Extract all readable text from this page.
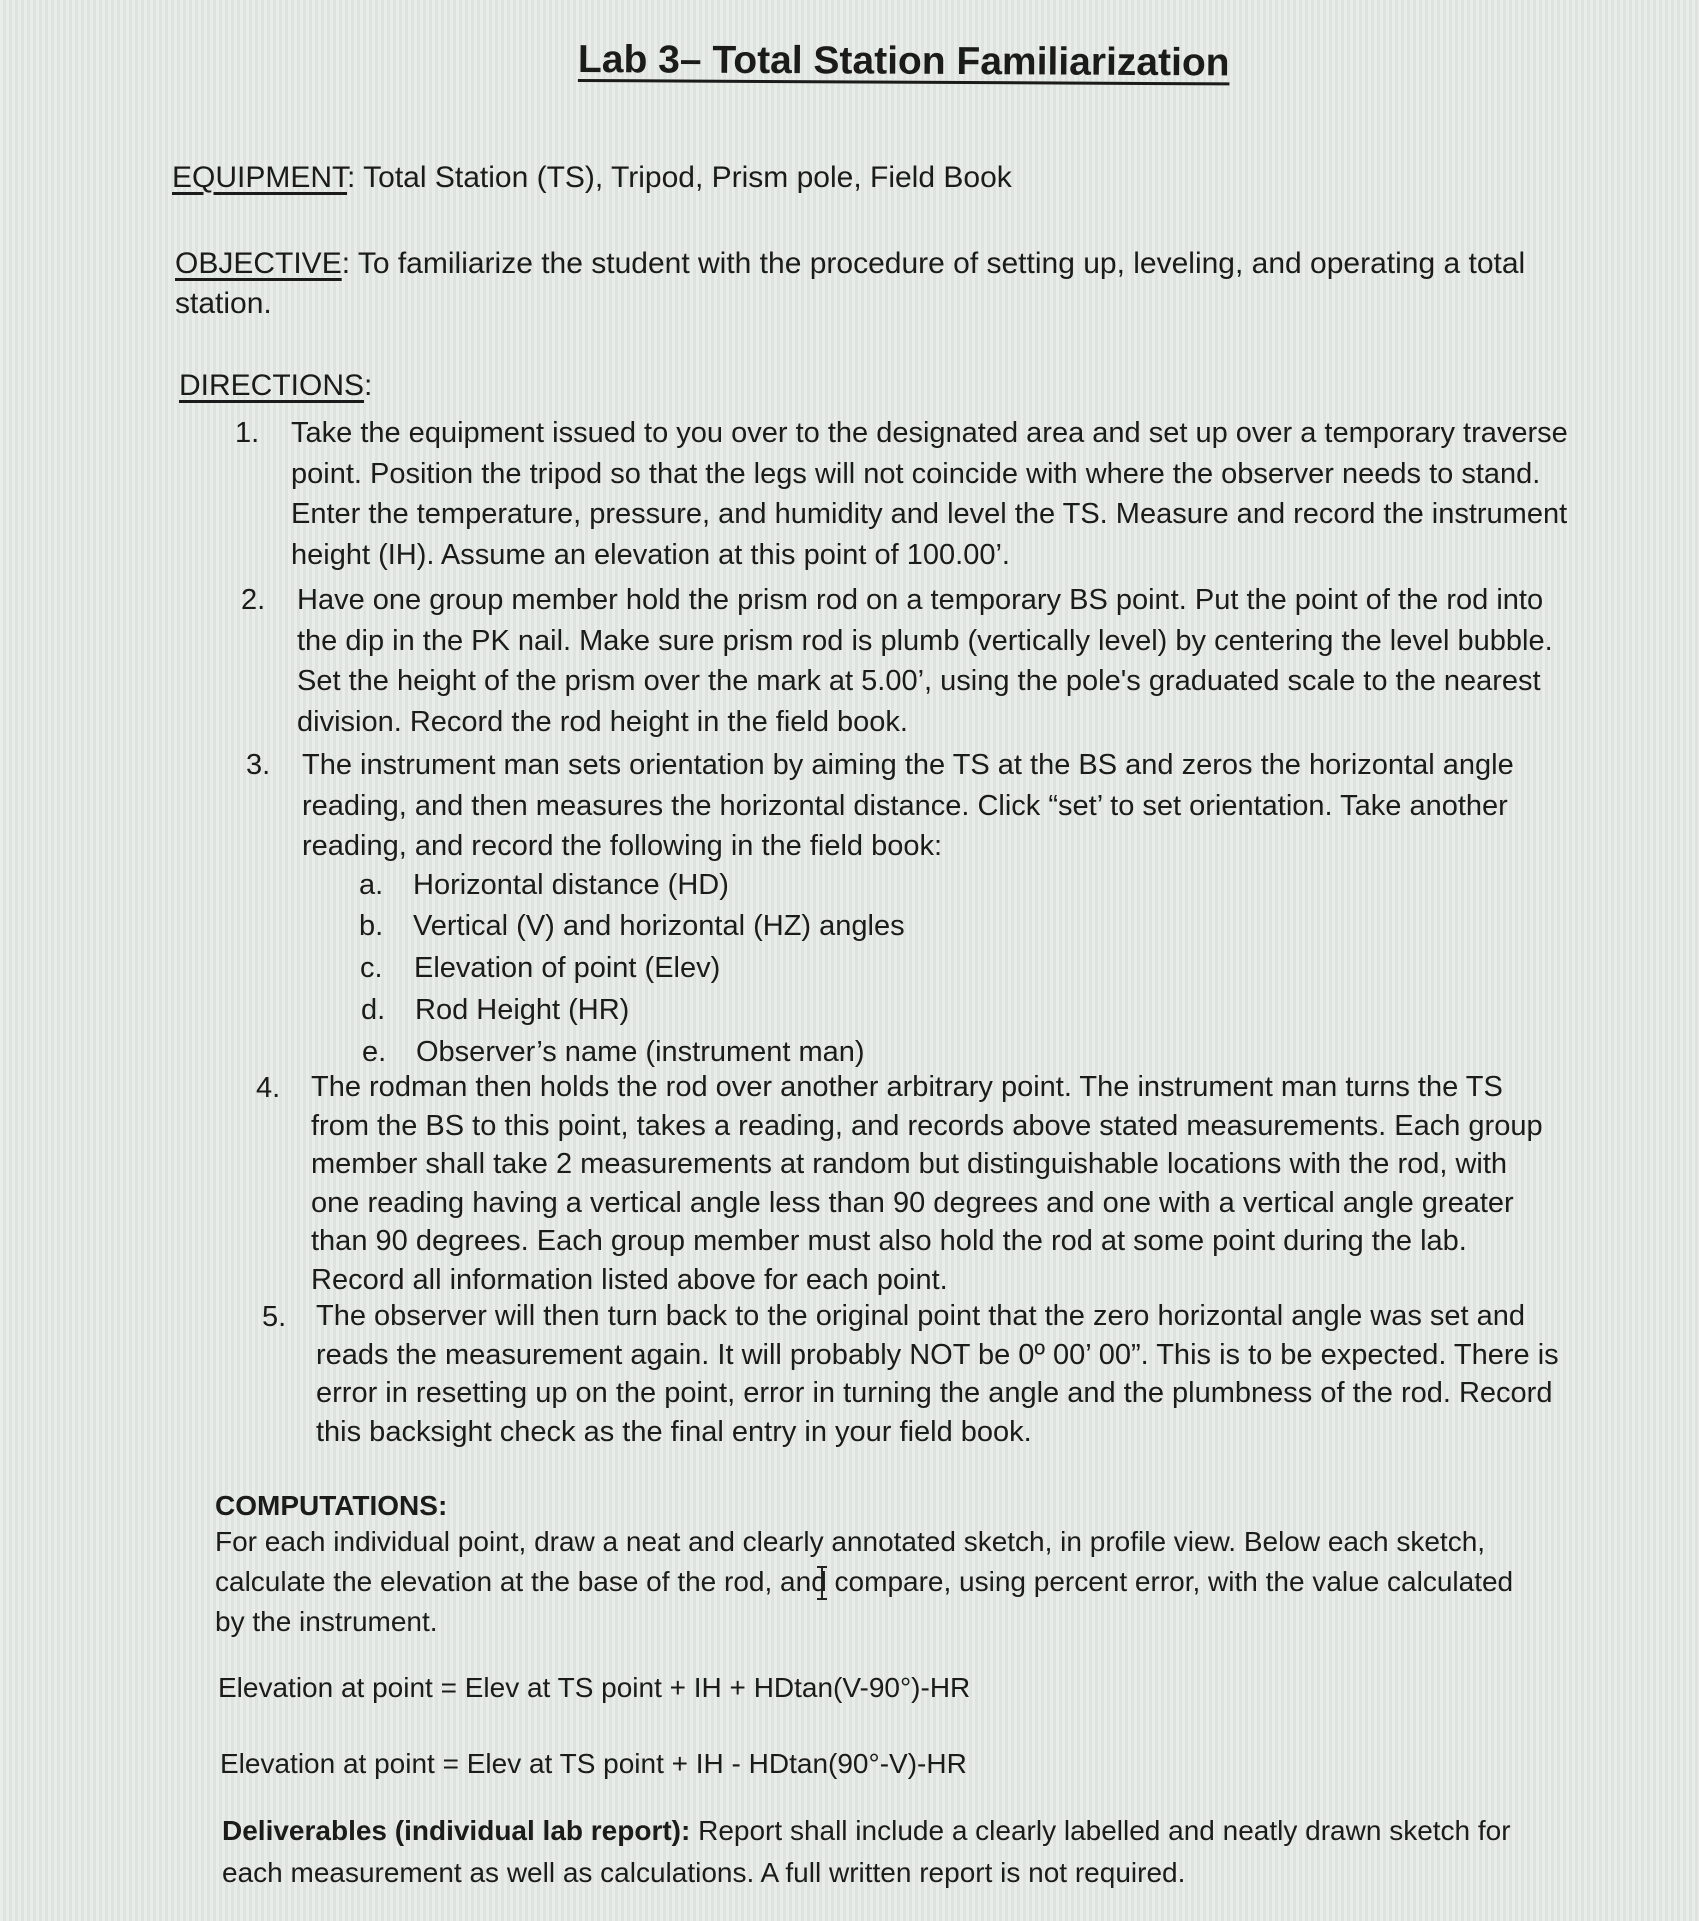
Lab 3– Total Station Familiarization
EQUIPMENT: Total Station (TS), Tripod, Prism pole, Field Book
OBJECTIVE: To familiarize the student with the procedure of setting up, leveling, and operating a total station.
DIRECTIONS:
1. Take the equipment issued to you over to the designated area and set up over a temporary traverse point. Position the tripod so that the legs will not coincide with where the observer needs to stand. Enter the temperature, pressure, and humidity and level the TS. Measure and record the instrument height (IH). Assume an elevation at this point of 100.00’.
2. Have one group member hold the prism rod on a temporary BS point. Put the point of the rod into the dip in the PK nail. Make sure prism rod is plumb (vertically level) by centering the level bubble. Set the height of the prism over the mark at 5.00’, using the pole's graduated scale to the nearest division. Record the rod height in the field book.
3. The instrument man sets orientation by aiming the TS at the BS and zeros the horizontal angle reading, and then measures the horizontal distance. Click “set’ to set orientation. Take another reading, and record the following in the field book:
a. Horizontal distance (HD)
b. Vertical (V) and horizontal (HZ) angles
c. Elevation of point (Elev)
d. Rod Height (HR)
e. Observer’s name (instrument man)
4. The rodman then holds the rod over another arbitrary point. The instrument man turns the TS from the BS to this point, takes a reading, and records above stated measurements. Each group member shall take 2 measurements at random but distinguishable locations with the rod, with one reading having a vertical angle less than 90 degrees and one with a vertical angle greater than 90 degrees. Each group member must also hold the rod at some point during the lab. Record all information listed above for each point.
5. The observer will then turn back to the original point that the zero horizontal angle was set and reads the measurement again. It will probably NOT be 0º 00’ 00”. This is to be expected. There is error in resetting up on the point, error in turning the angle and the plumbness of the rod. Record this backsight check as the final entry in your field book.
COMPUTATIONS:
For each individual point, draw a neat and clearly annotated sketch, in profile view. Below each sketch, calculate the elevation at the base of the rod, and compare, using percent error, with the value calculated by the instrument.
Elevation at point = Elev at TS point + IH + HDtan(V-90°)-HR
Elevation at point = Elev at TS point + IH - HDtan(90°-V)-HR
Deliverables (individual lab report): Report shall include a clearly labelled and neatly drawn sketch for each measurement as well as calculations. A full written report is not required.
